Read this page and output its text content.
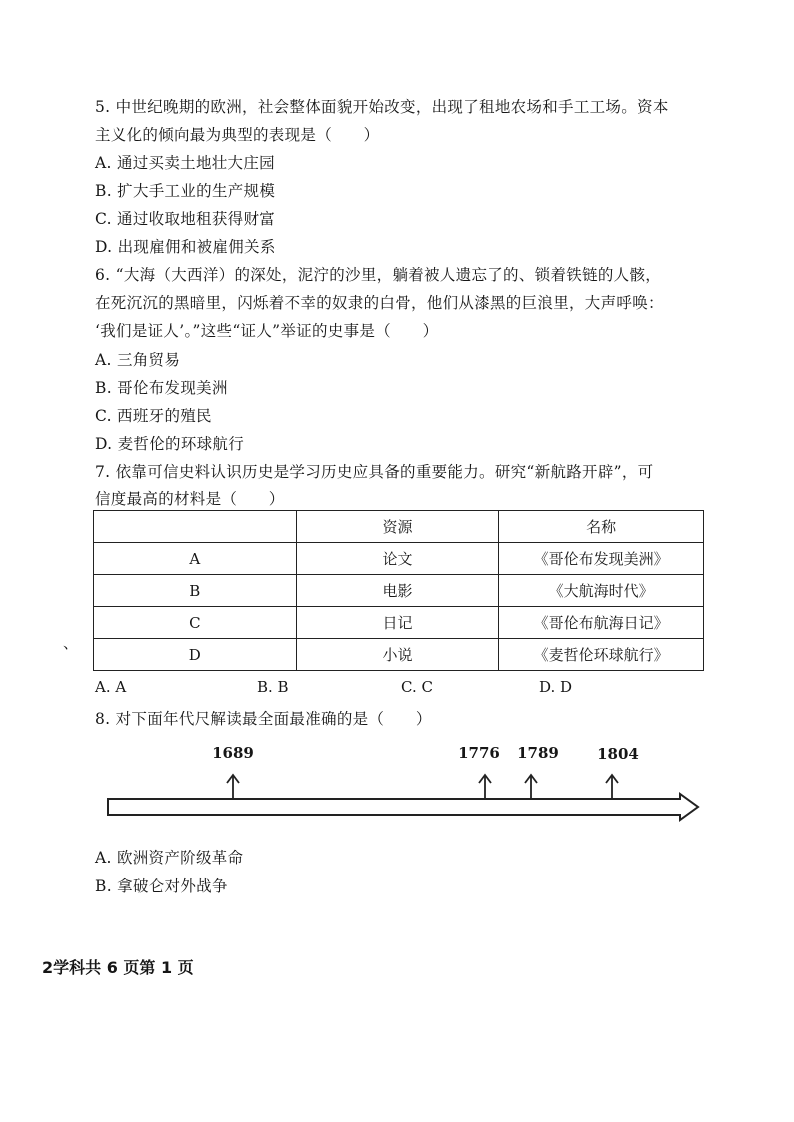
5. 中世纪晚期的欧洲，社会整体面貌开始改变，出现了租地农场和手工工场。资本
主义化的倾向最为典型的表现是（　　）
A. 通过买卖土地壮大庄园
B. 扩大手工业的生产规模
C. 通过收取地租获得财富
D. 出现雇佣和被雇佣关系
6. “大海（大西洋）的深处，泥泞的沙里，躺着被人遗忘了的、锁着铁链的人骸，
在死沉沉的黑暗里，闪烁着不幸的奴隶的白骨，他们从漆黑的巨浪里，大声呼唤：
‘我们是证人’。”这些“证人”举证的史事是（　　）
A. 三角贸易
B. 哥伦布发现美洲
C. 西班牙的殖民
D. 麦哲伦的环球航行
7. 依靠可信史料认识历史是学习历史应具备的重要能力。研究“新航路开辟”，可
信度最高的材料是（　　）
	资源	名称
A	论文	《哥伦布发现美洲》
B	电影	《大航海时代》
C	日记	《哥伦布航海日记》
D	小说	《麦哲伦环球航行》
、
A. A	B. B	C. C	D. D
8. 对下面年代尺解读最全面最准确的是（　　）
1689	1776 1789	1804
A. 欧洲资产阶级革命
B. 拿破仑对外战争
2学科共 6 页第 1 页
